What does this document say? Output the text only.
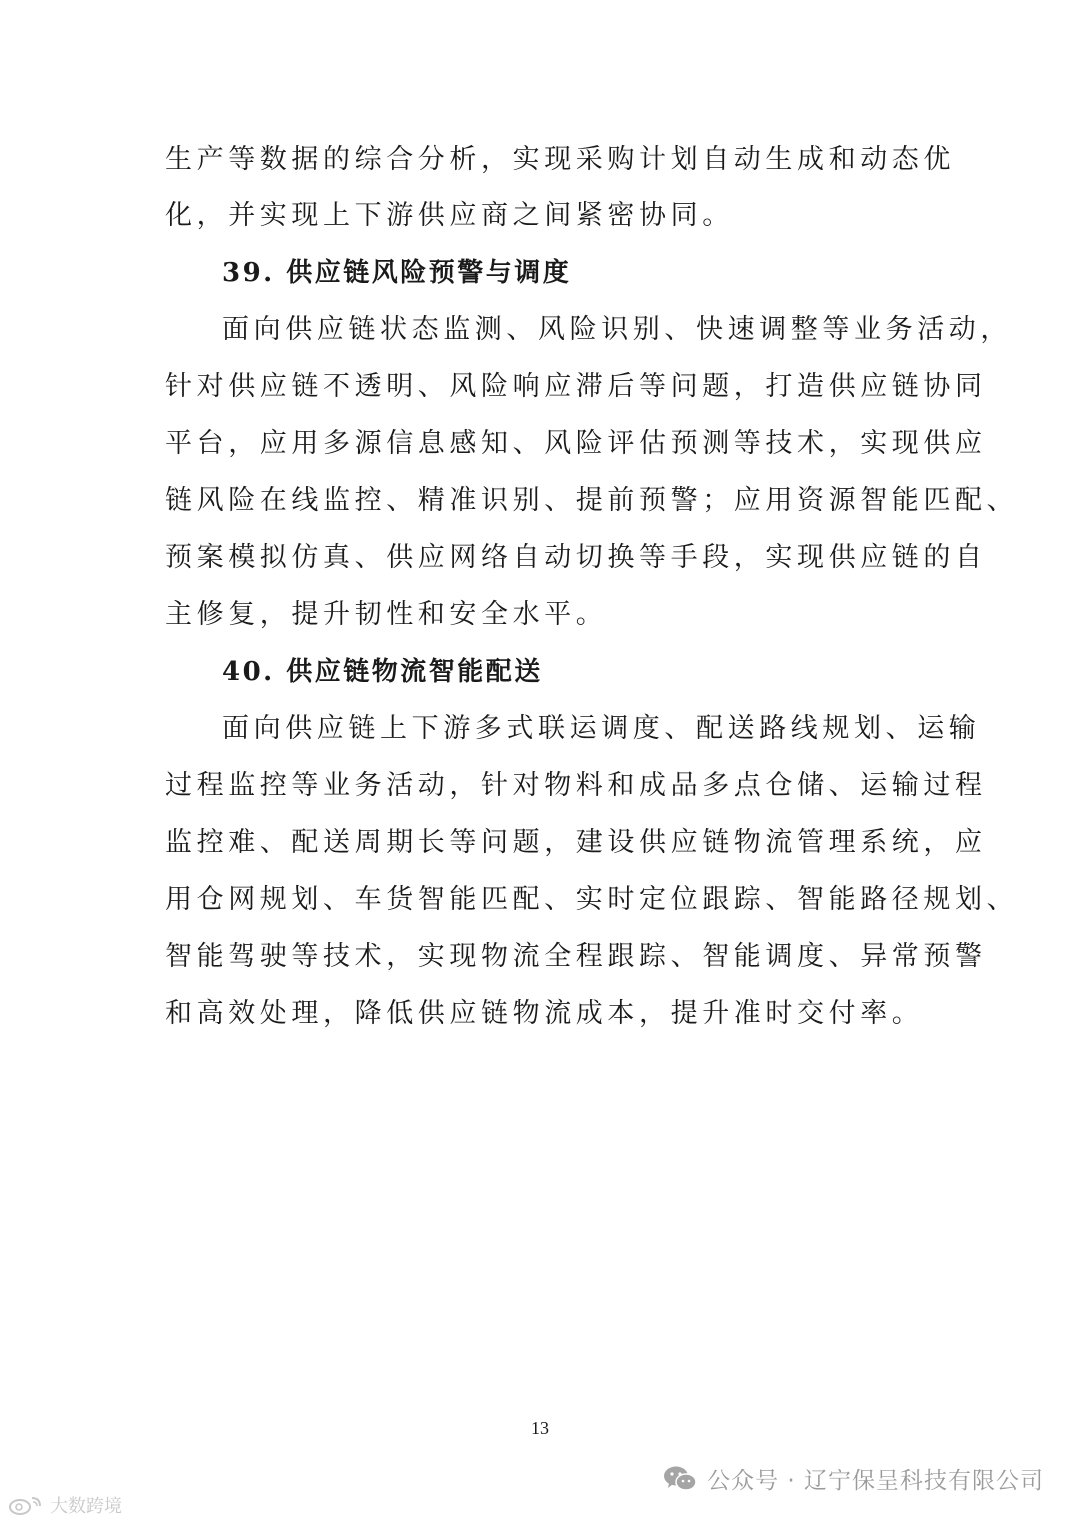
生产等数据的综合分析，实现采购计划自动生成和动态优
化，并实现上下游供应商之间紧密协同。
39. 供应链风险预警与调度
面向供应链状态监测、风险识别、快速调整等业务活动，
针对供应链不透明、风险响应滞后等问题，打造供应链协同
平台，应用多源信息感知、风险评估预测等技术，实现供应
链风险在线监控、精准识别、提前预警；应用资源智能匹配、
预案模拟仿真、供应网络自动切换等手段，实现供应链的自
主修复，提升韧性和安全水平。
40. 供应链物流智能配送
面向供应链上下游多式联运调度、配送路线规划、运输
过程监控等业务活动，针对物料和成品多点仓储、运输过程
监控难、配送周期长等问题，建设供应链物流管理系统，应
用仓网规划、车货智能匹配、实时定位跟踪、智能路径规划、
智能驾驶等技术，实现物流全程跟踪、智能调度、异常预警
和高效处理，降低供应链物流成本，提升准时交付率。
13
公众号 · 辽宁保呈科技有限公司
大数跨境
